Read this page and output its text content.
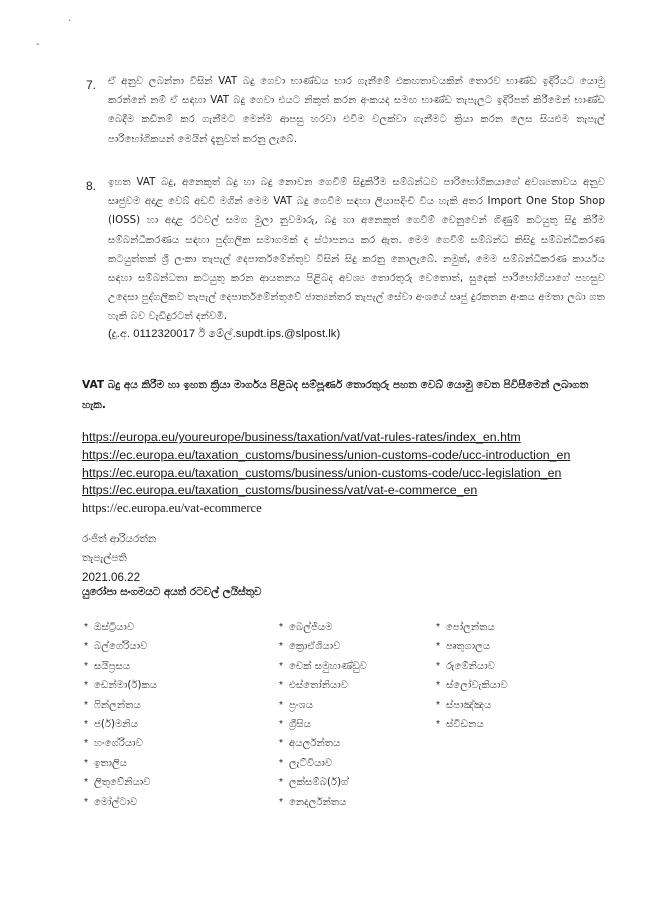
.
-
7. ඒ අනුව ලබන්නා විසින් VAT බදු ගෙවා භාණ්ඩය භාර ගැනීමේ එකඟතාවයකින් තොරව භාණ්ඩ ඉදිරියට යොමු කරන්නේ නම් ඒ සඳහා VAT බදු ගෙවා එයට නිකුත් කරන අංකයද සමඟ භාණ්ඩ තැපැලට ඉදිරිපත් කිරීමෙන් භාණ්ඩ බෙදීම කඩිනම් කර ගැනීමට මෙන්ම ආපසු හරවා එවීම වලක්වා ගැනීමට ක්‍රියා කරන ලෙස සියළුම තැපැල් පාරිභෝගිකයන් මෙයින් දැනුවත් කරනු ලැබේ.
8. ඉහත VAT බදු, අනෙකුත් බදු හා බදු නොවන ගෙවීම් සිදුකිරීම සම්බන්ධව පාරිභෝගිකයාගේ අවශ්‍යතාවය අනුව සෘජුවම අදාළ වෙබ් අඩවි මගින් මෙම VAT බදු ගෙවීම සඳහා ලියාපදිංචි විය හැකි අතර Import One Stop Shop (IOSS) හා අදාළ රටවල් සමග මුලා නුවමාරු, බදු හා අනෙකුත් ගෙවීම් වෙනුවෙන් ගිණුම් කටයුතු සිදු කිරීම සම්බන්ධීකරණය සඳහා පුද්ගලික සමාගමක් ද ස්ථාපනය කර ඇත. මෙම ගෙවීම් සම්බන්ධ කිසිදු සම්බන්ධීකරණ කටයුත්තක් ශ්‍රී ලංකා තැපැල් දෙපාර්තමේන්තුව විසින් සිදු කරනු නොලැබේ. නමුත්, මෙම සම්බන්ධීකරණ කාර්යය සඳහා සම්බන්ධතා කටයුතු කරන ආයතනය පිළිබද අවශ්‍ය තොරතුරු වෙතොත්, සුදෙක් පාරිභෝගියාගේ පහසුව උදෙසා පුද්ගලිකව තැපැල් දෙපාර්තමේන්තුවේ ජාත්‍යන්තර තැපැල් සේවා අංශයේ සෘජු දුරකතන අංකය අමතා ලබා ගත හැකි බව වැඩිදුරටත් දන්වමි.
(දු.අ. 0112320017 ඊ මේල්.supdt.ips.@slpost.lk)
VAT බදු අය කිරීම හා ඉහත ක්‍රියා මාර්ගය පිළිබද සම්පූර්ණ තොරතුරු පහත වෙබ් යොමු වෙත පිවිසීමෙන් ලබාගත හැක.
https://europa.eu/youreurope/business/taxation/vat/vat-rules-rates/index_en.htm
https://ec.europa.eu/taxation_customs/business/union-customs-code/ucc-introduction_en
https://ec.europa.eu/taxation_customs/business/union-customs-code/ucc-legislation_en
https://ec.europa.eu/taxation_customs/business/vat/vat-e-commerce_en
https://ec.europa.eu/vat-ecommerce
රංජිත් ආරියරත්න
තැපැල්පති
2021.06.22
යුරෝපා සංගමයට අයත් රටවල් ලයිස්තුව
* ඔස්ට්‍රියාව
* බල්ගේරියාව
* සයිප්‍රසය
* ඩෙන්මා(ර්)කය
* ෆින්ලන්තය
* ජ(ර්)මනිය
* හංගේරියාව
* ඉතාලිය
* ලිතුවේනියාව
* මෝල්ටාව
* බෙල්ජියම
* ක්‍රොඒශියාව
* චෙක් සමුහාණ්ඩුව
* එස්තෝනියාව
* ප්‍රංශය
* ග්‍රීසිය
* අයර්ලන්තය
* ලැට්වියාව
* ලක්සම්බ(ර්)ග්
* නෙදර්ලන්තය
* පෝලන්තය
* පෘතුගාලය
* රුමේනියාව
* ස්ලෝවැකියාව
* ස්පාඤ්ඤය
* ස්වීඩනය
